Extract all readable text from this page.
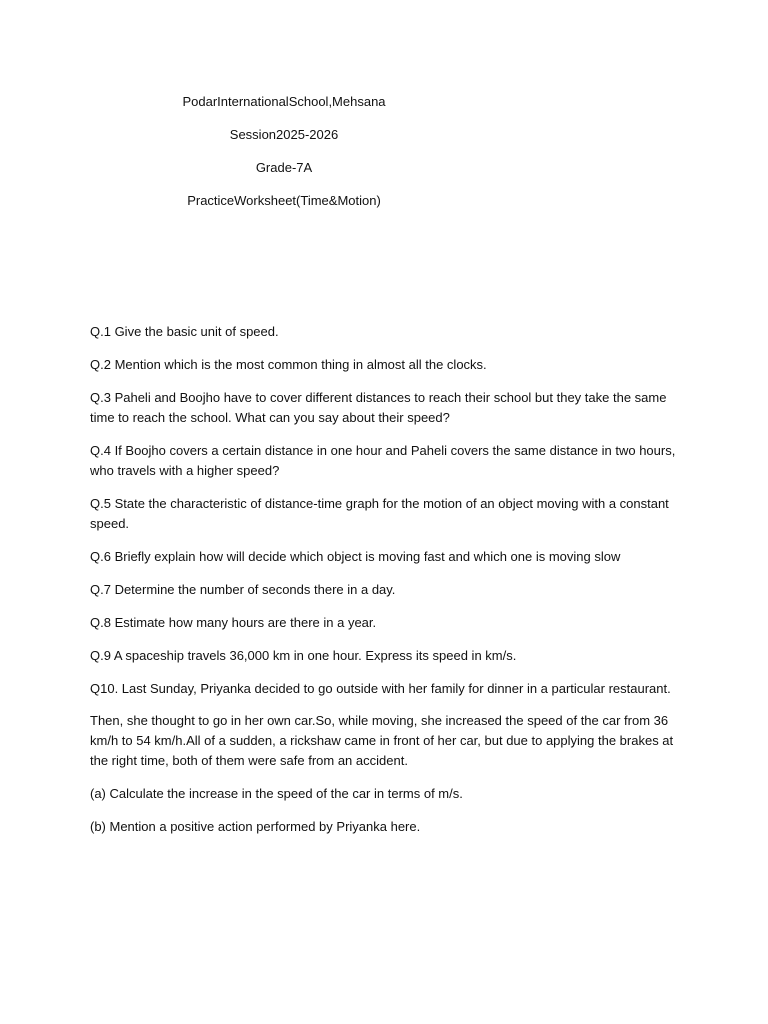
PodarInternationalSchool,Mehsana
Session2025-2026
Grade-7A
PracticeWorksheet(Time&Motion)

Q.1 Give the basic unit of speed.

Q.2 Mention which is the most common thing in almost all the clocks.

Q.3 Paheli and Boojho have to cover different distances to reach their school but they take the same time to reach the school. What can you say about their speed?

Q.4 If Boojho covers a certain distance in one hour and Paheli covers the same distance in two hours, who travels with a higher speed?

Q.5 State the characteristic of distance-time graph for the motion of an object moving with a constant speed.

Q.6 Briefly explain how will decide which object is moving fast and which one is moving slow

Q.7 Determine the number of seconds there in a day.

Q.8 Estimate how many hours are there in a year.

Q.9 A spaceship travels 36,000 km in one hour. Express its speed in km/s.

Q10. Last Sunday, Priyanka decided to go outside with her family for dinner in a particular restaurant.

Then, she thought to go in her own car.So, while moving, she increased the speed of the car from 36 km/h to 54 km/h.All of a sudden, a rickshaw came in front of her car, but due to applying the brakes at the right time, both of them were safe from an accident.

(a) Calculate the increase in the speed of the car in terms of m/s.

(b) Mention a positive action performed by Priyanka here.
